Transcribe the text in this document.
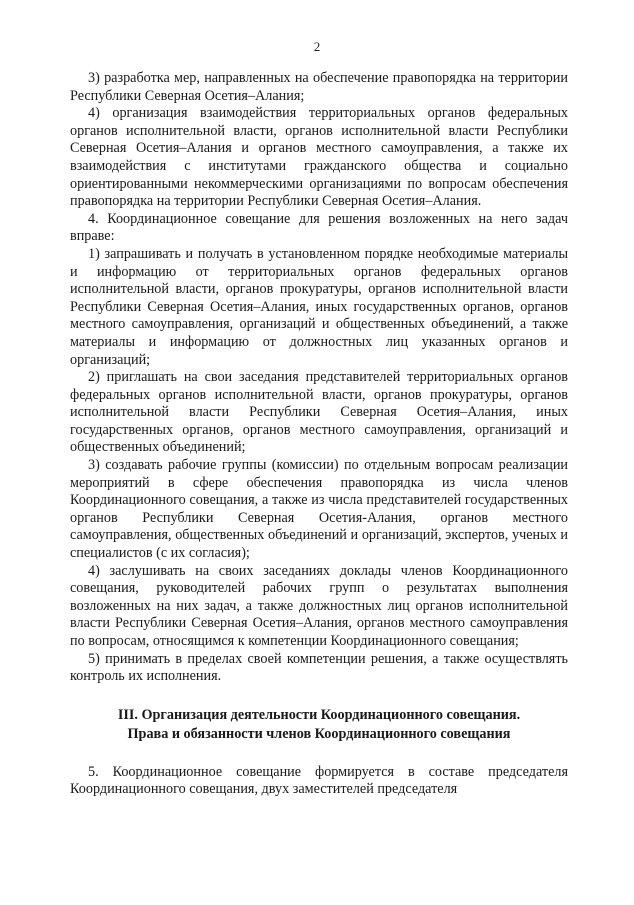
2

3) разработка мер, направленных на обеспечение правопорядка на территории Республики Северная Осетия–Алания;

4) организация взаимодействия территориальных органов федеральных органов исполнительной власти, органов исполнительной власти Республики Северная Осетия–Алания и органов местного самоуправления, а также их взаимодействия с институтами гражданского общества и социально ориентированными некоммерческими организациями по вопросам обеспечения правопорядка на территории Республики Северная Осетия–Алания.

4. Координационное совещание для решения возложенных на него задач вправе:

1) запрашивать и получать в установленном порядке необходимые материалы и информацию от территориальных органов федеральных органов исполнительной власти, органов прокуратуры, органов исполнительной власти Республики Северная Осетия–Алания, иных государственных органов, органов местного самоуправления, организаций и общественных объединений, а также материалы и информацию от должностных лиц указанных органов и организаций;

2) приглашать на свои заседания представителей территориальных органов федеральных органов исполнительной власти, органов прокуратуры, органов исполнительной власти Республики Северная Осетия–Алания, иных государственных органов, органов местного самоуправления, организаций и общественных объединений;

3) создавать рабочие группы (комиссии) по отдельным вопросам реализации мероприятий в сфере обеспечения правопорядка из числа членов Координационного совещания, а также из числа представителей государственных органов Республики Северная Осетия-Алания, органов местного самоуправления, общественных объединений и организаций, экспертов, ученых и специалистов (с их согласия);

4) заслушивать на своих заседаниях доклады членов Координационного совещания, руководителей рабочих групп о результатах выполнения возложенных на них задач, а также должностных лиц органов исполнительной власти Республики Северная Осетия–Алания, органов местного самоуправления по вопросам, относящимся к компетенции Координационного совещания;

5) принимать в пределах своей компетенции решения, а также осуществлять контроль их исполнения.

III. Организация деятельности Координационного совещания.
Права и обязанности членов Координационного совещания

5. Координационное совещание формируется в составе председателя Координационного совещания, двух заместителей председателя
